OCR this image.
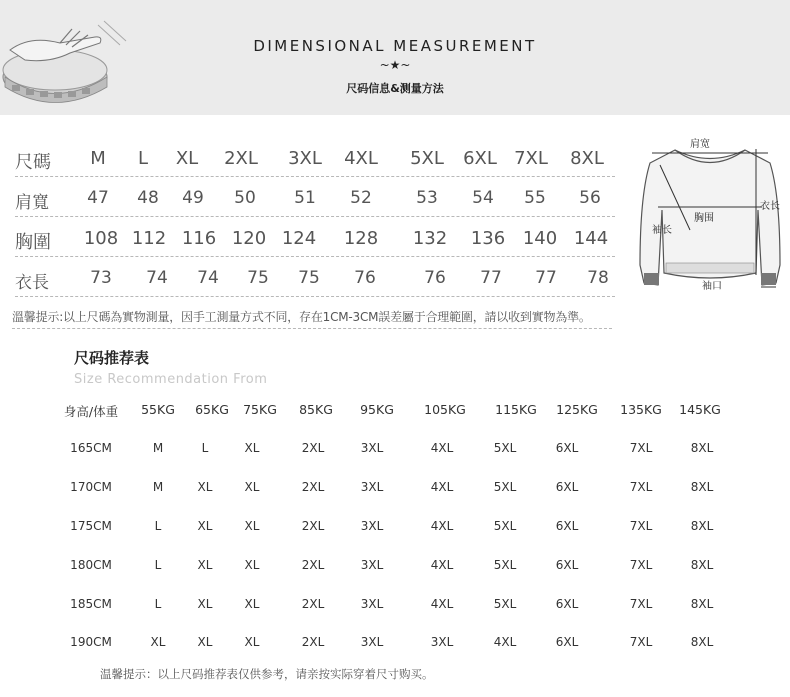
DIMENSIONAL MEASUREMENT
~★~
尺码信息&测量方法
尺碼 M L XL 2XL 3XL 4XL 5XL 6XL 7XL 8XL
肩寬 47 48 49 50 51 52	53 54 55 56
胸圍 108 112 116 120 124 128 132 136 140 144
衣長 73 74 74 75 75 76	76 77 77 78
溫馨提示:以上尺碼為實物測量，因手工測量方式不同，存在1CM-3CM誤差屬于合理範圍，請以收到實物為準。
肩宽
胸围
衣长
袖长
袖口
尺码推荐表
Size Recommendation From
身高/体重 55KG 65KG 75KG 85KG 95KG 105KG 115KG 125KG 135KG 145KG
165CM	M	L	XL	2XL	3XL	4XL	5XL	6XL	7XL	8XL
170CM	M	XL	XL	2XL	3XL	4XL	5XL	6XL	7XL	8XL
175CM	L	XL	XL	2XL	3XL	4XL	5XL	6XL	7XL	8XL
180CM	L	XL	XL	2XL	3XL	4XL	5XL	6XL	7XL	8XL
185CM	L	XL	XL	2XL	3XL	4XL	5XL	6XL	7XL	8XL
190CM	XL	XL	XL	2XL	3XL	3XL	4XL	6XL	7XL	8XL
温馨提示：以上尺码推荐表仅供参考，请亲按实际穿着尺寸购买。
